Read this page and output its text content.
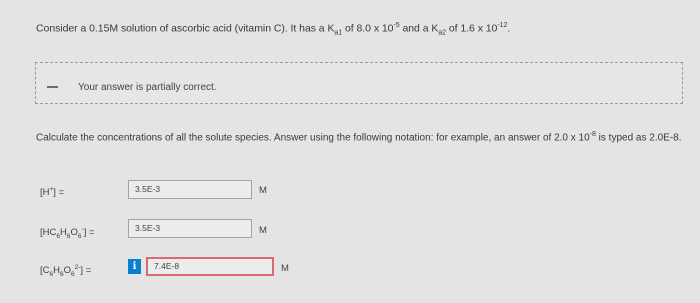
Consider a 0.15M solution of ascorbic acid (vitamin C). It has a $K_{a1}$ of 8.0 x $10^{-5}$ and a $K_{a2}$ of 1.6 x $10^{-12}$.
Your answer is partially correct.
Calculate the concentrations of all the solute species. Answer using the following notation: for example, an answer of 2.0 x $10^{-8}$ is typed as 2.0E-8.
[H+] =	3.5E-3	M
$[HC_6H_6O_6^-]$ =	3.5E-3	M
$[C_6H_6O_6^{2-}]$ =	i	7.4E-8	M
